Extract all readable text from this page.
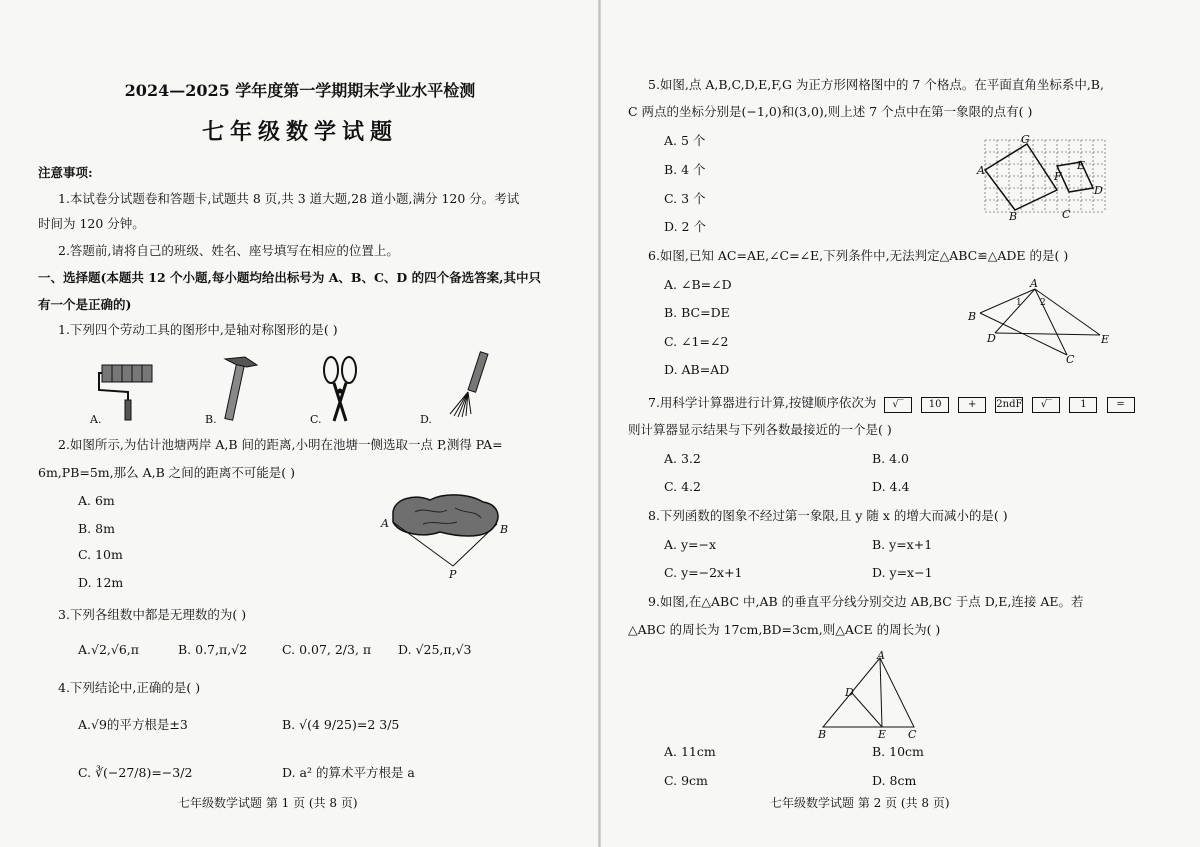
2024—2025 学年度第一学期期末学业水平检测
七年级数学试题
注意事项:
1.本试卷分试题卷和答题卡,试题共 8 页,共 3 道大题,28 道小题,满分 120 分。考试
时间为 120 分钟。
2.答题前,请将自己的班级、姓名、座号填写在相应的位置上。
一、选择题(本题共 12 个小题,每小题均给出标号为 A、B、C、D 的四个备选答案,其中只
有一个是正确的)
1.下列四个劳动工具的图形中,是轴对称图形的是( )
A.	B.	C.	D.
2.如图所示,为估计池塘两岸 A,B 间的距离,小明在池塘一侧选取一点 P,测得 PA=
6m,PB=5m,那么 A,B 之间的距离不可能是( )
A. 6m
B. 8m
C. 10m
D. 12m
A	B
P
3.下列各组数中都是无理数的为( )
A.√2,√6,π	B. 0.7̇,π,√2	C. 0.07, 2/3, π D. √25,π,√3
4.下列结论中,正确的是( )
A.√9的平方根是±3	B. √(4 9/25)=2 3/5
C. ∛(−27/8)=−3/2	D. a² 的算术平方根是 a
七年级数学试题 第 1 页 (共 8 页)
5.如图,点 A,B,C,D,E,F,G 为正方形网格图中的 7 个格点。在平面直角坐标系中,B,
C 两点的坐标分别是(−1,0)和(3,0),则上述 7 个点中在第一象限的点有( )
A. 5 个
B. 4 个
C. 3 个
D. 2 个
G
A	E
F
D
B	C
6.如图,已知 AC=AE,∠C=∠E,下列条件中,无法判定△ABC≌△ADE 的是( )
A. ∠B=∠D
B. BC=DE
C. ∠1=∠2
D. AB=AD
A
1 2
B
D	E
C
7.用科学计算器进行计算,按键顺序依次为	√‾	10	+ 2ndF √‾	1	=
则计算器显示结果与下列各数最接近的一个是( )
A. 3.2	B. 4.0
C. 4.2	D. 4.4
8.下列函数的图象不经过第一象限,且 y 随 x 的增大而减小的是( )
A. y=−x	B. y=x+1
C. y=−2x+1	D. y=x−1
9.如图,在△ABC 中,AB 的垂直平分线分别交边 AB,BC 于点 D,E,连接 AE。若
△ABC 的周长为 17cm,BD=3cm,则△ACE 的周长为( )
A
D
B	E C
A. 11cm	B. 10cm
C. 9cm	D. 8cm
七年级数学试题 第 2 页 (共 8 页)
